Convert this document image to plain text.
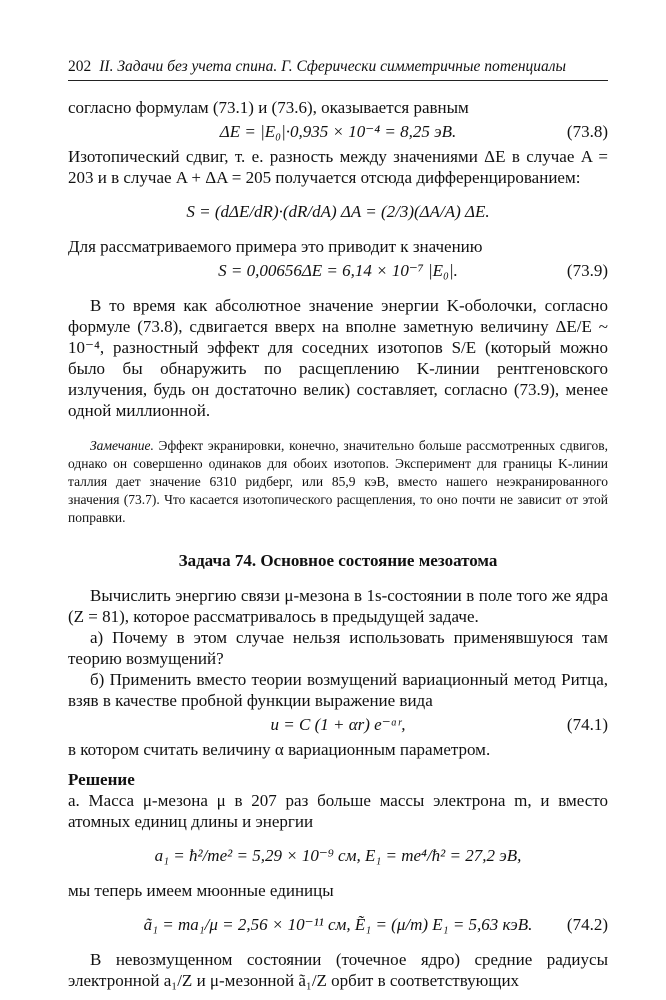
202 II. Задачи без учета спина. Г. Сферически симметричные потенциалы

согласно формулам (73.1) и (73.6), оказывается равным

ΔE = |E₀|·0,935 × 10⁻⁴ = 8,25 эВ.	(73.8)

Изотопический сдвиг, т. е. разность между значениями ΔE в случае A = 203 и в случае A + ΔA = 205 получается отсюда дифференцированием:

S = (dΔE/dR)·(dR/dA) ΔA = (2/3)(ΔA/A) ΔE.

Для рассматриваемого примера это приводит к значению

S = 0,00656ΔE = 6,14 × 10⁻⁷ |E₀|.	(73.9)

В то время как абсолютное значение энергии K-оболочки, согласно формуле (73.8), сдвигается вверх на вполне заметную величину ΔE/E ~ 10⁻⁴, разностный эффект для соседних изотопов S/E (который можно было бы обнаружить по расщеплению K-линии рентгеновского излучения, будь он достаточно велик) составляет, согласно (73.9), менее одной миллионной.

Замечание. Эффект экранировки, конечно, значительно больше рассмотренных сдвигов, однако он совершенно одинаков для обоих изотопов. Эксперимент для границы K-линии таллия дает значение 6310 ридберг, или 85,9 кэВ, вместо нашего неэкранированного значения (73.7). Что касается изотопического расщепления, то оно почти не зависит от этой поправки.

Задача 74. Основное состояние мезоатома

Вычислить энергию связи μ-мезона в 1s-состоянии в поле того же ядра (Z = 81), которое рассматривалось в предыдущей задаче.

а) Почему в этом случае нельзя использовать применявшуюся там теорию возмущений?

б) Применить вместо теории возмущений вариационный метод Ритца, взяв в качестве пробной функции выражение вида

u = C (1 + αr) e⁻ᵅʳ,	(74.1)

в котором считать величину α вариационным параметром.

Решение

а. Масса μ-мезона μ в 207 раз больше массы электрона m, и вместо атомных единиц длины и энергии

a₁ = ħ²/me² = 5,29 × 10⁻⁹ см, E₁ = me⁴/ħ² = 27,2 эВ,

мы теперь имеем мюонные единицы

ã₁ = ma₁/μ = 2,56 × 10⁻¹¹ см, Ẽ₁ = (μ/m) E₁ = 5,63 кэВ.	(74.2)

В невозмущенном состоянии (точечное ядро) средние радиусы электронной a₁/Z и μ-мезонной ã₁/Z орбит в соответствующих
